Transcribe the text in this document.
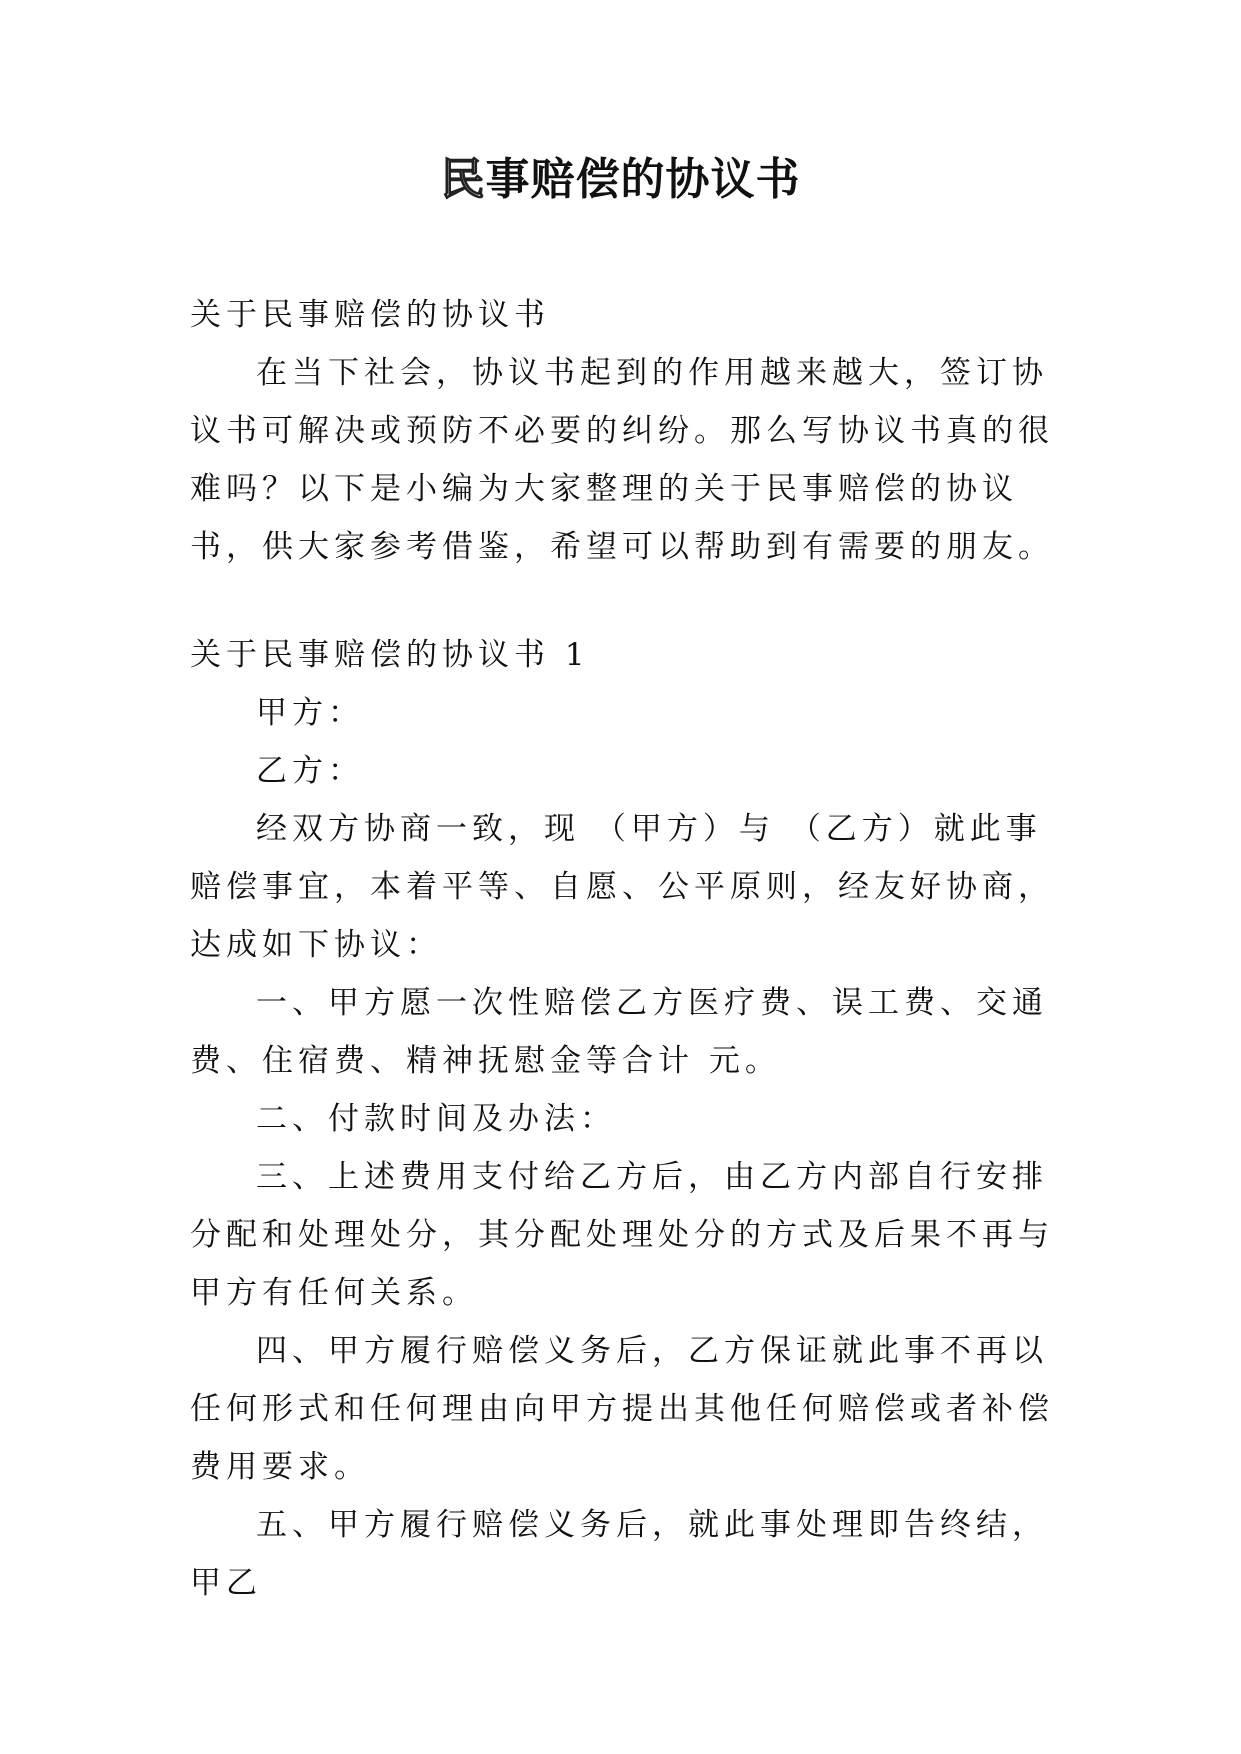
民事赔偿的协议书

关于民事赔偿的协议书

在当下社会，协议书起到的作用越来越大，签订协议书可解决或预防不必要的纠纷。那么写协议书真的很难吗？以下是小编为大家整理的关于民事赔偿的协议书，供大家参考借鉴，希望可以帮助到有需要的朋友。

关于民事赔偿的协议书 1

甲方：

乙方：

经双方协商一致，现 （甲方）与 （乙方）就此事赔偿事宜，本着平等、自愿、公平原则，经友好协商，达成如下协议：

一、甲方愿一次性赔偿乙方医疗费、误工费、交通费、住宿费、精神抚慰金等合计 元。

二、付款时间及办法：

三、上述费用支付给乙方后，由乙方内部自行安排分配和处理处分，其分配处理处分的方式及后果不再与甲方有任何关系。

四、甲方履行赔偿义务后，乙方保证就此事不再以任何形式和任何理由向甲方提出其他任何赔偿或者补偿费用要求。

五、甲方履行赔偿义务后，就此事处理即告终结，甲乙
